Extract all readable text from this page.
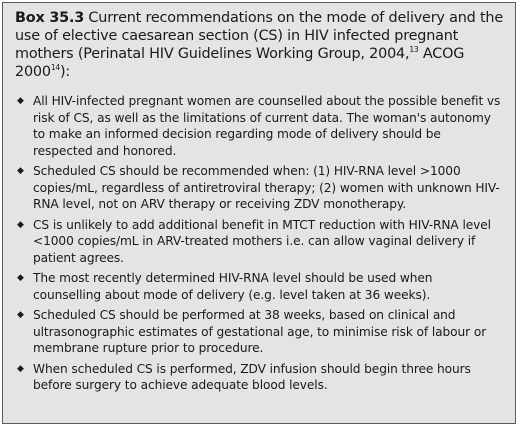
Box 35.3 Current recommendations on the mode of delivery and the use of elective caesarean section (CS) in HIV infected pregnant mothers (Perinatal HIV Guidelines Working Group, 2004,13 ACOG 2000$^{14}$):

◆ All HIV-infected pregnant women are counselled about the possible benefit vs risk of CS, as well as the limitations of current data. The woman's autonomy to make an informed decision regarding mode of delivery should be respected and honored.
◆ Scheduled CS should be recommended when: (1) HIV-RNA level >1000 copies/mL, regardless of antiretroviral therapy; (2) women with unknown HIV-RNA level, not on ARV therapy or receiving ZDV monotherapy.
◆ CS is unlikely to add additional benefit in MTCT reduction with HIV-RNA level <1000 copies/mL in ARV-treated mothers i.e. can allow vaginal delivery if patient agrees.
◆ The most recently determined HIV-RNA level should be used when counselling about mode of delivery (e.g. level taken at 36 weeks).
◆ Scheduled CS should be performed at 38 weeks, based on clinical and ultrasonographic estimates of gestational age, to minimise risk of labour or membrane rupture prior to procedure.
◆ When scheduled CS is performed, ZDV infusion should begin three hours before surgery to achieve adequate blood levels.
